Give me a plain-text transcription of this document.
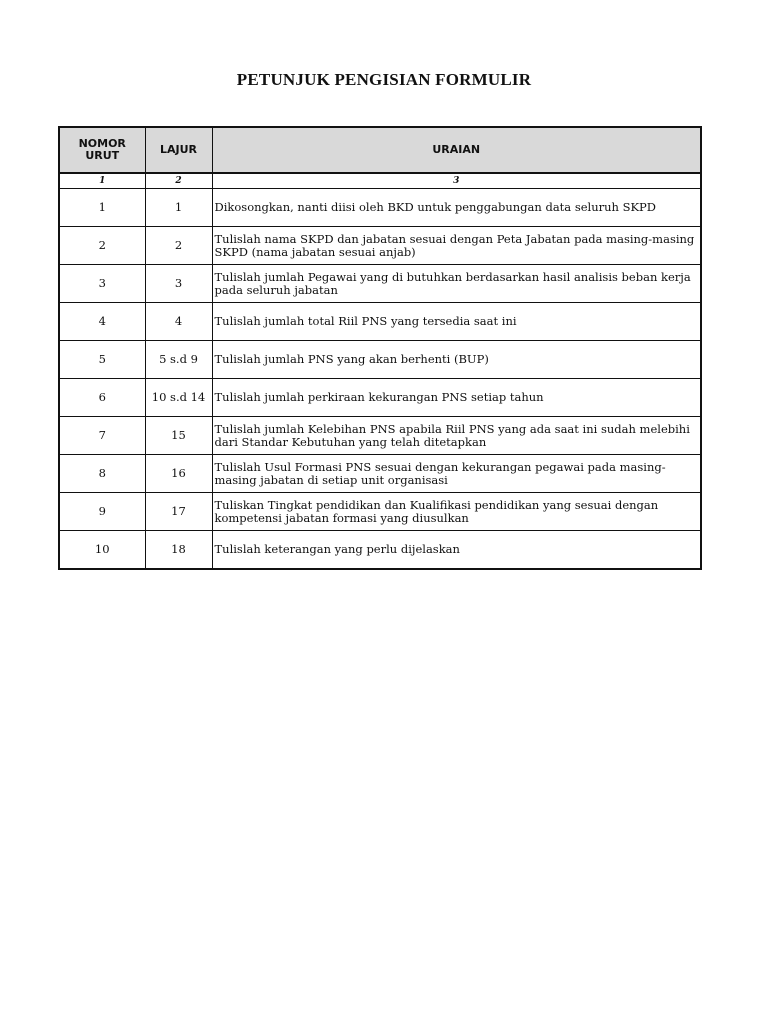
PETUNJUK PENGISIAN FORMULIR
NOMOR
URUT	LAJUR	URAIAN
1	2	3
1	1	Dikosongkan, nanti diisi oleh BKD untuk penggabungan data seluruh SKPD
2	2	Tulislah nama SKPD dan jabatan sesuai dengan Peta Jabatan pada masing-masing SKPD (nama jabatan sesuai anjab)
3	3	Tulislah jumlah Pegawai yang di butuhkan berdasarkan hasil analisis beban kerja pada seluruh jabatan
4	4	Tulislah jumlah total Riil PNS yang tersedia saat ini
5	5 s.d 9	Tulislah jumlah PNS yang akan berhenti (BUP)
6	10 s.d 14	Tulislah jumlah perkiraan kekurangan PNS setiap tahun
7	15	Tulislah jumlah Kelebihan PNS apabila Riil PNS yang ada saat ini sudah melebihi dari Standar Kebutuhan yang telah ditetapkan
8	16	Tulislah Usul Formasi PNS sesuai dengan kekurangan pegawai pada masing-masing jabatan di setiap unit organisasi
9	17	Tuliskan Tingkat pendidikan dan Kualifikasi pendidikan yang sesuai dengan kompetensi jabatan formasi yang diusulkan
10	18	Tulislah keterangan yang perlu dijelaskan
